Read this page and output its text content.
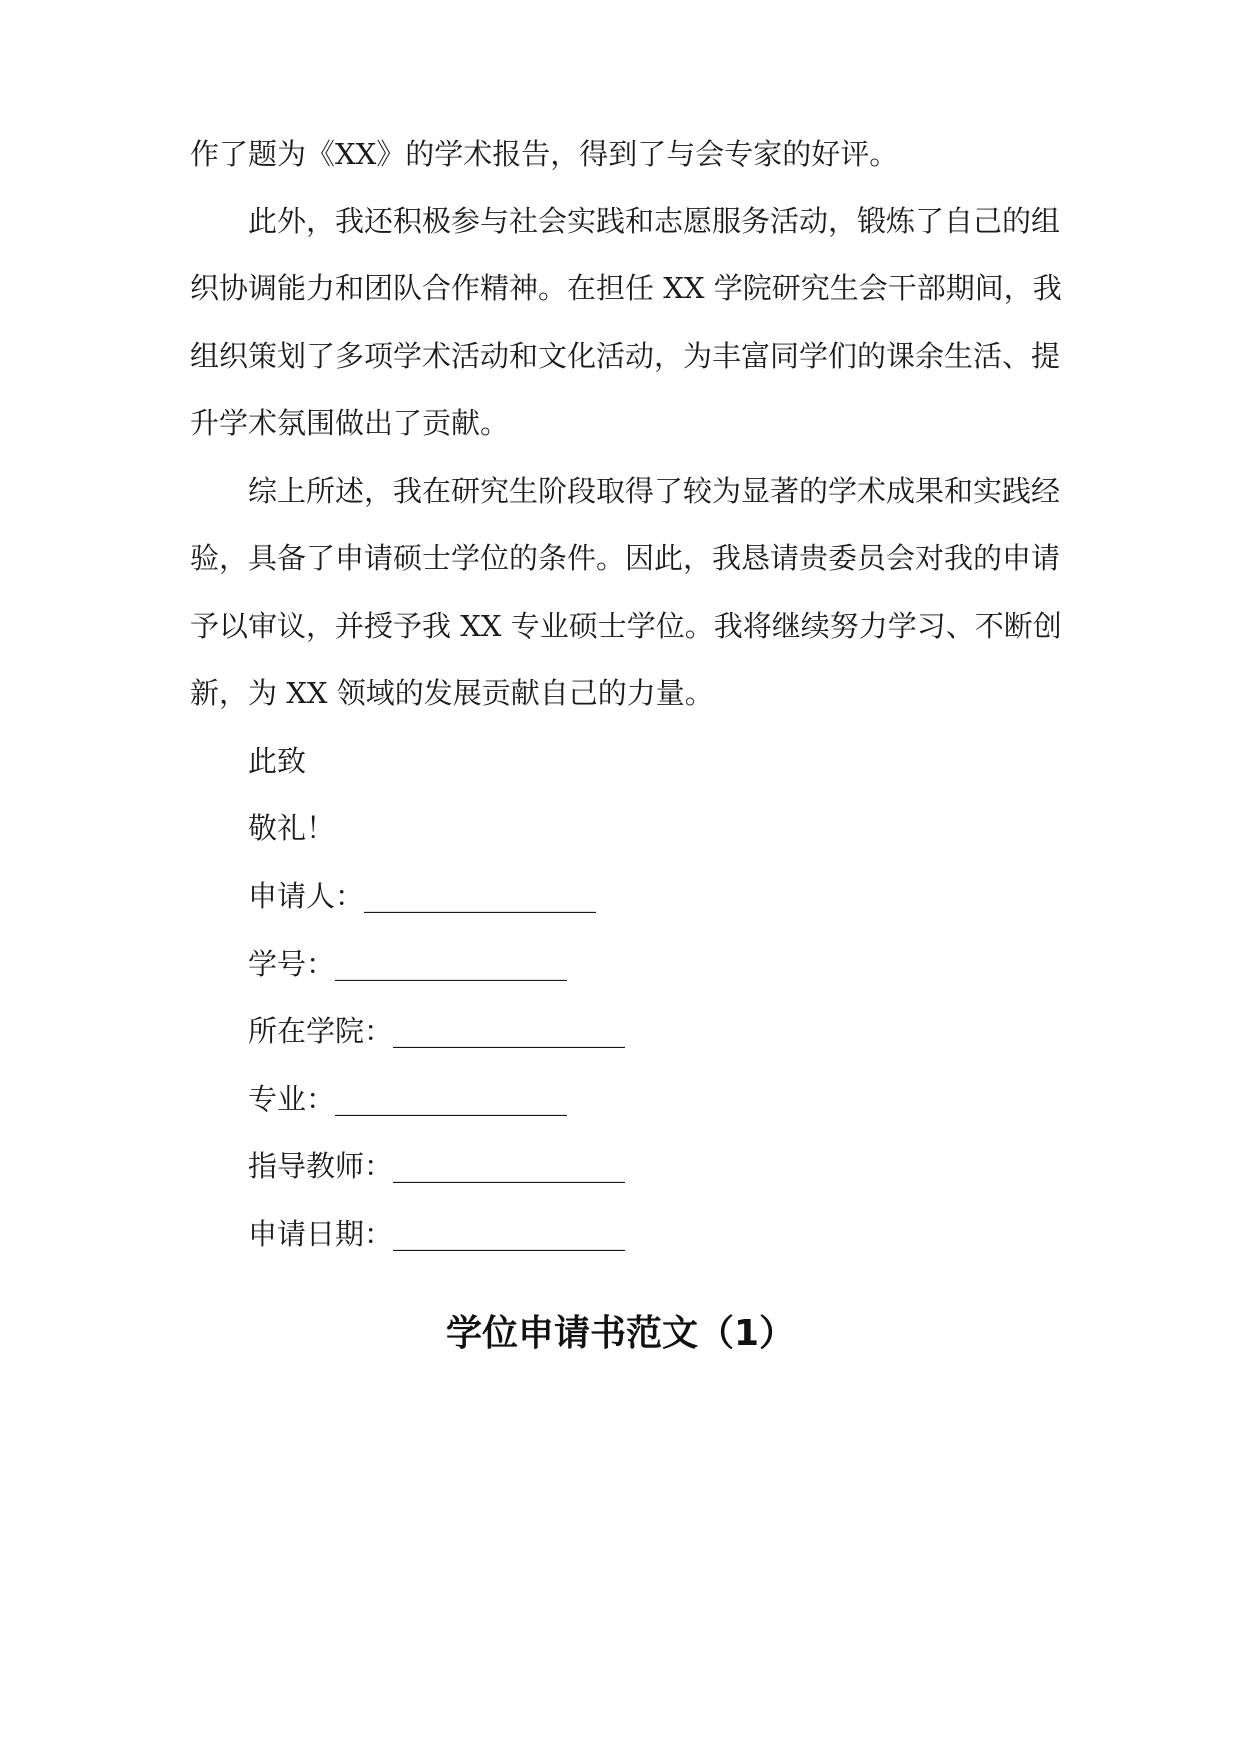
作了题为《XX》的学术报告，得到了与会专家的好评。
此外，我还积极参与社会实践和志愿服务活动，锻炼了自己的组
织协调能力和团队合作精神。在担任 XX 学院研究生会干部期间，我
组织策划了多项学术活动和文化活动，为丰富同学们的课余生活、提
升学术氛围做出了贡献。
综上所述，我在研究生阶段取得了较为显著的学术成果和实践经
验，具备了申请硕士学位的条件。因此，我恳请贵委员会对我的申请
予以审议，并授予我 XX 专业硕士学位。我将继续努力学习、不断创
新，为 XX 领域的发展贡献自己的力量。
此致
敬礼！
申请人：________________
学号：________________
所在学院：________________
专业：________________
指导教师：________________
申请日期：________________
学位申请书范文（1）
